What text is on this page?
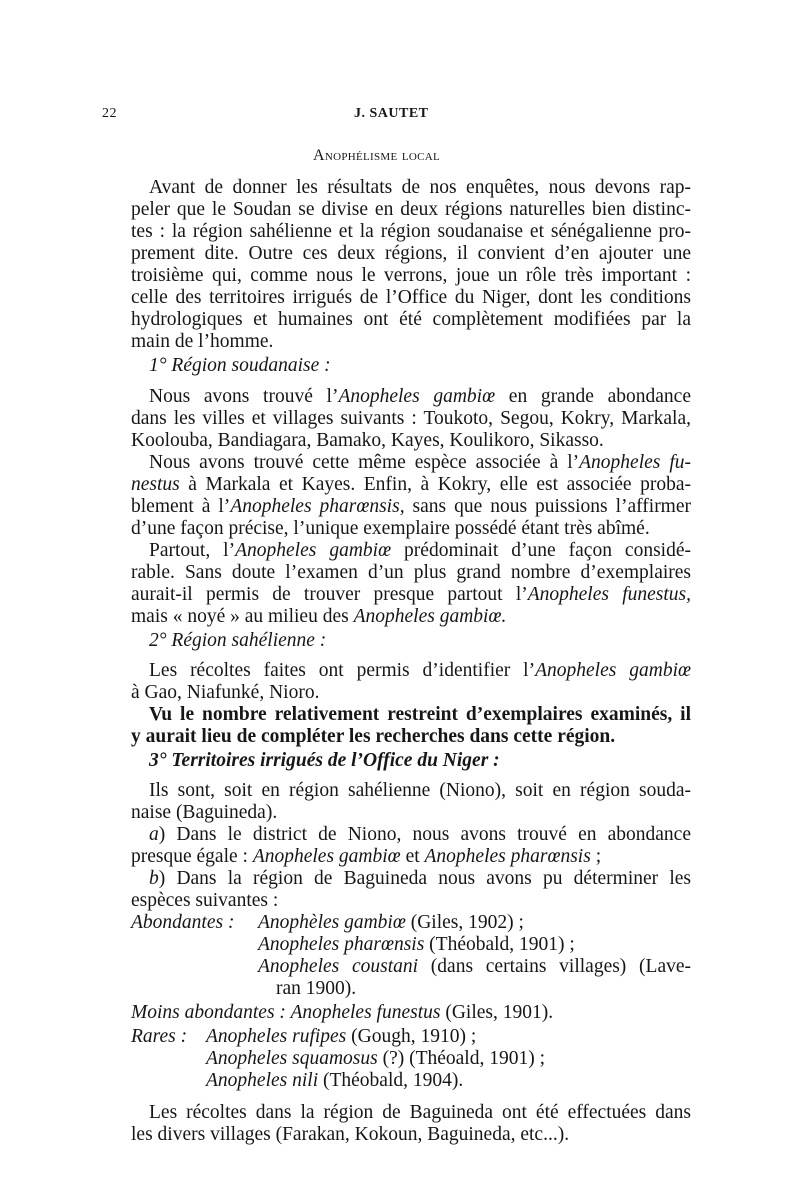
22	J. SAUTET
Anophélisme local
Avant de donner les résultats de nos enquêtes, nous devons rap-
peler que le Soudan se divise en deux régions naturelles bien distinc-
tes : la région sahélienne et la région soudanaise et sénégalienne pro-
prement dite. Outre ces deux régions, il convient d’en ajouter une
troisième qui, comme nous le verrons, joue un rôle très important :
celle des territoires irrigués de l’Office du Niger, dont les conditions
hydrologiques et humaines ont été complètement modifiées par la
main de l’homme.
1° Région soudanaise :
Nous avons trouvé l’Anopheles gambiœ en grande abondance
dans les villes et villages suivants : Toukoto, Segou, Kokry, Markala,
Koolouba, Bandiagara, Bamako, Kayes, Koulikoro, Sikasso.
Nous avons trouvé cette même espèce associée à l’Anopheles fu-
nestus à Markala et Kayes. Enfin, à Kokry, elle est associée proba-
blement à l’Anopheles pharœnsis, sans que nous puissions l’affirmer
d’une façon précise, l’unique exemplaire possédé étant très abîmé.
Partout, l’Anopheles gambiœ prédominait d’une façon considé-
rable. Sans doute l’examen d’un plus grand nombre d’exemplaires
aurait-il permis de trouver presque partout l’Anopheles funestus,
mais « noyé » au milieu des Anopheles gambiœ.
2° Région sahélienne :
Les récoltes faites ont permis d’identifier l’Anopheles gambiœ
à Gao, Niafunké, Nioro.
Vu le nombre relativement restreint d’exemplaires examinés, il
y aurait lieu de compléter les recherches dans cette région.
3° Territoires irrigués de l’Office du Niger :
Ils sont, soit en région sahélienne (Niono), soit en région souda-
naise (Baguineda).
a) Dans le district de Niono, nous avons trouvé en abondance
presque égale : Anopheles gambiœ et Anopheles pharœnsis ;
b) Dans la région de Baguineda nous avons pu déterminer les
espèces suivantes :
Abondantes : Anophèles gambiœ (Giles, 1902) ;
Anopheles pharœnsis (Théobald, 1901) ;
Anopheles coustani (dans certains villages) (Lave-
ran 1900).
Moins abondantes : Anopheles funestus (Giles, 1901).
Rares : Anopheles rufipes (Gough, 1910) ;
Anopheles squamosus (?) (Théoald, 1901) ;
Anopheles nili (Théobald, 1904).
Les récoltes dans la région de Baguineda ont été effectuées dans
les divers villages (Farakan, Kokoun, Baguineda, etc...).
